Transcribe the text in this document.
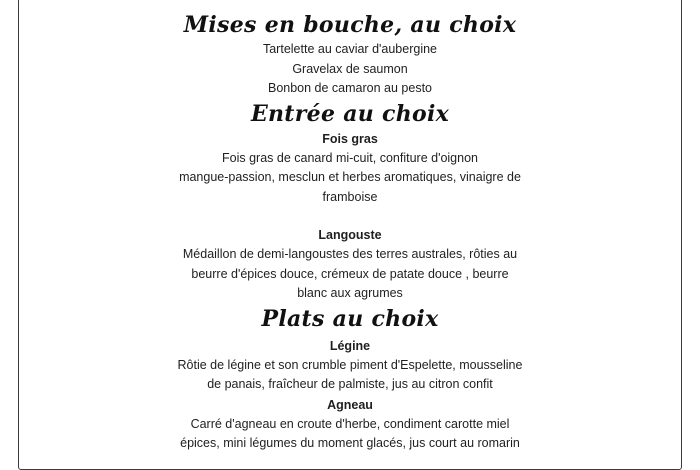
Mises en bouche, au choix

Tartelette au caviar d'aubergine

Gravelax de saumon

Bonbon de camaron au pesto

Entrée au choix

Fois gras

Fois gras de canard mi-cuit, confiture d'oignon

mangue-passion, mesclun et herbes aromatiques, vinaigre de

framboise

Langouste

Médaillon de demi-langoustes des terres australes, rôties au

beurre d'épices douce, crémeux de patate douce , beurre

blanc aux agrumes

Plats au choix

Légine

Rôtie de légine et son crumble piment d'Espelette, mousseline

de panais, fraîcheur de palmiste, jus au citron confit

Agneau

Carré d'agneau en croute d'herbe, condiment carotte miel

épices, mini légumes du moment glacés, jus court au romarin
